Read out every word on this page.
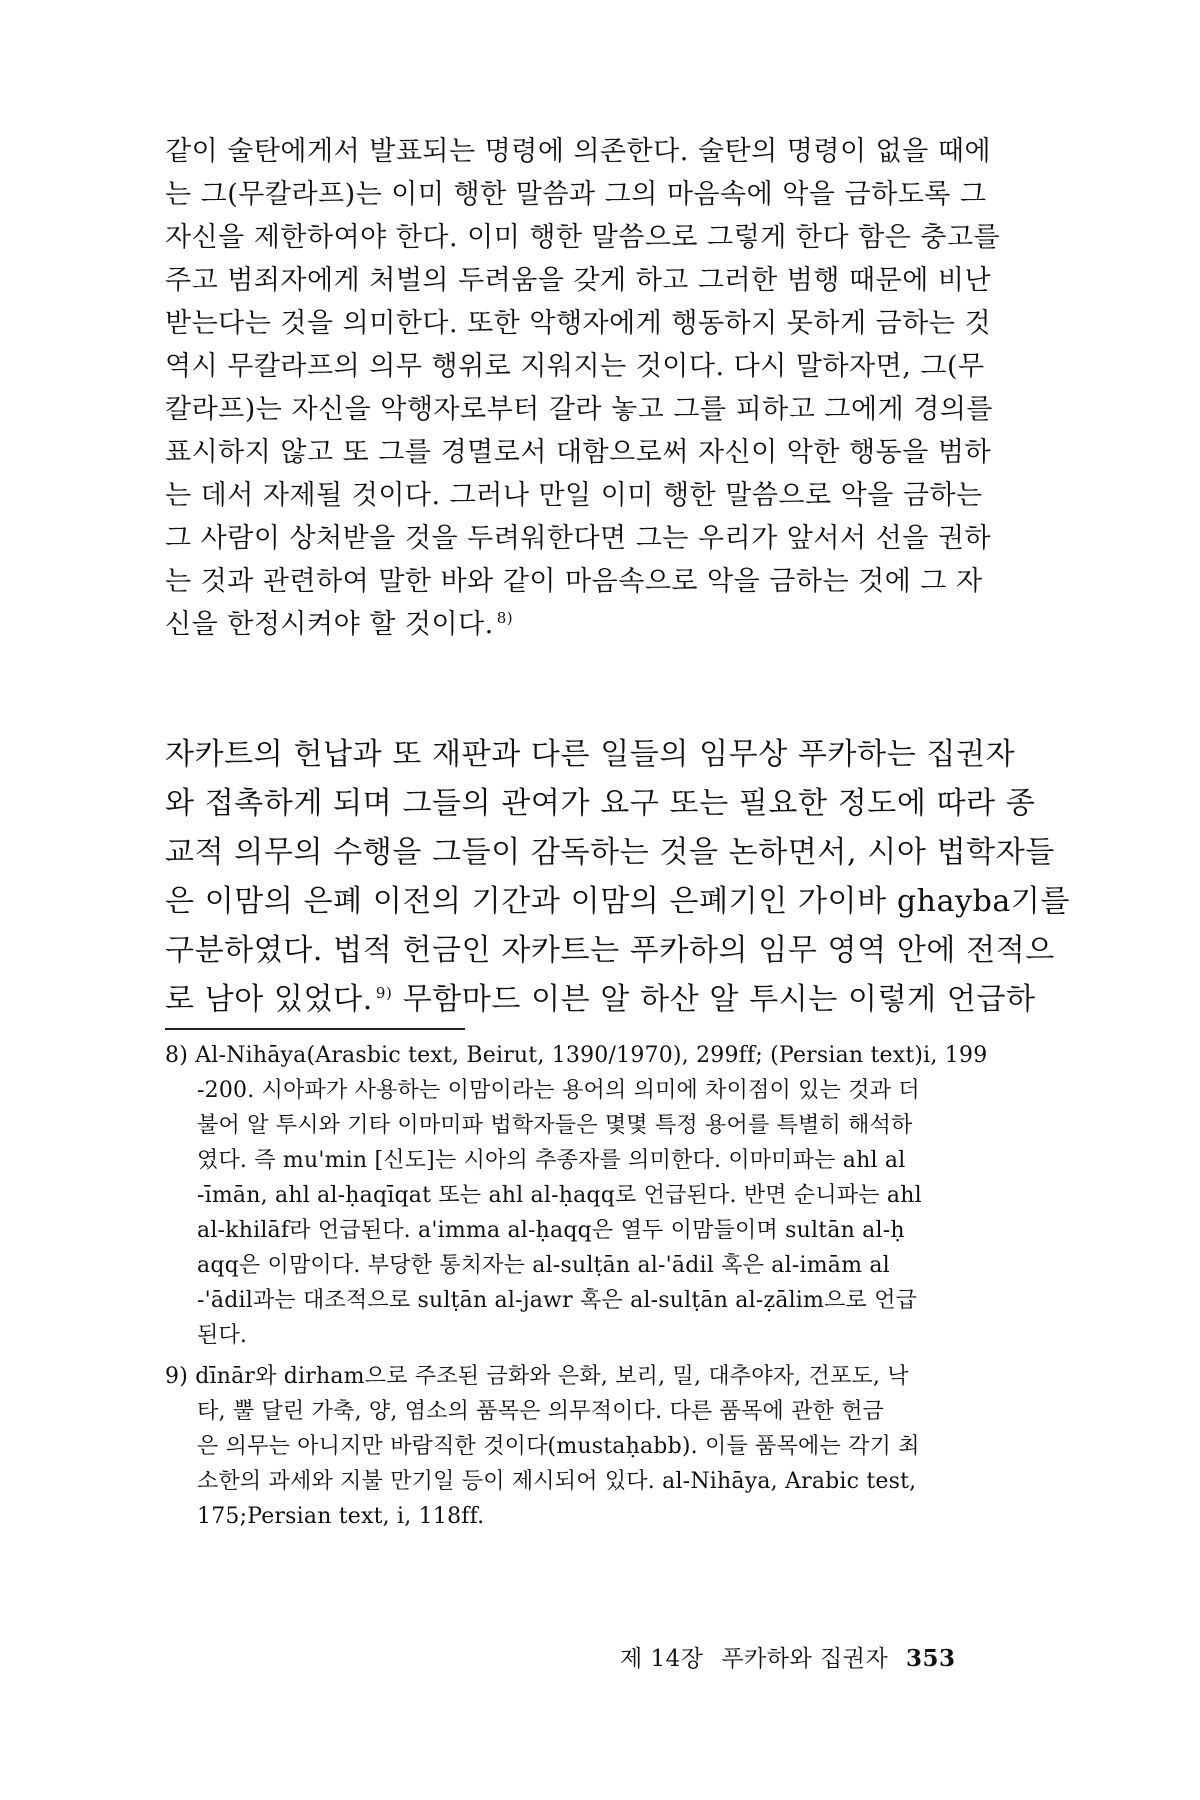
같이 술탄에게서 발표되는 명령에 의존한다. 술탄의 명령이 없을 때에
는 그(무칼라프)는 이미 행한 말씀과 그의 마음속에 악을 금하도록 그
자신을 제한하여야 한다. 이미 행한 말씀으로 그렇게 한다 함은 충고를
주고 범죄자에게 처벌의 두려움을 갖게 하고 그러한 범행 때문에 비난
받는다는 것을 의미한다. 또한 악행자에게 행동하지 못하게 금하는 것
역시 무칼라프의 의무 행위로 지워지는 것이다. 다시 말하자면, 그(무
칼라프)는 자신을 악행자로부터 갈라 놓고 그를 피하고 그에게 경의를
표시하지 않고 또 그를 경멸로서 대함으로써 자신이 악한 행동을 범하
는 데서 자제될 것이다. 그러나 만일 이미 행한 말씀으로 악을 금하는
그 사람이 상처받을 것을 두려워한다면 그는 우리가 앞서서 선을 권하
는 것과 관련하여 말한 바와 같이 마음속으로 악을 금하는 것에 그 자
신을 한정시켜야 할 것이다. $^{8)}$
자카트의 헌납과 또 재판과 다른 일들의 임무상 푸카하는 집권자
와 접촉하게 되며 그들의 관여가 요구 또는 필요한 정도에 따라 종
교적 의무의 수행을 그들이 감독하는 것을 논하면서, 시아 법학자들
은 이맘의 은폐 이전의 기간과 이맘의 은폐기인 가이바 ghayba기를
구분하였다. 법적 헌금인 자카트는 푸카하의 임무 영역 안에 전적으
로 남아 있었다. $^{9)}$ 무함마드 이븐 알 하산 알 투시는 이렇게 언급하
8) Al-Nihāya(Arasbic text, Beirut, 1390/1970), 299ff; (Persian text)i, 199
-200. 시아파가 사용하는 이맘이라는 용어의 의미에 차이점이 있는 것과 더
불어 알 투시와 기타 이마미파 법학자들은 몇몇 특정 용어를 특별히 해석하
였다. 즉 mu'min [신도]는 시아의 추종자를 의미한다. 이마미파는 ahl al
-īmān, ahl al-ḥaqīqat 또는 ahl al-ḥaqq로 언급된다. 반면 순니파는 ahl
al-khilāf라 언급된다. a'imma al-ḥaqq은 열두 이맘들이며 sultān al-ḥ
aqq은 이맘이다. 부당한 통치자는 al-sulṭān al-'ādil 혹은 al-imām al
-'ādil과는 대조적으로 sulṭān al-jawr 혹은 al-sulṭān al-ẓālim으로 언급
된다.
9) dīnār와 dirham으로 주조된 금화와 은화, 보리, 밀, 대추야자, 건포도, 낙
타, 뿔 달린 가축, 양, 염소의 품목은 의무적이다. 다른 품목에 관한 헌금
은 의무는 아니지만 바람직한 것이다(mustaḥabb). 이들 품목에는 각기 최
소한의 과세와 지불 만기일 등이 제시되어 있다. al-Nihāya, Arabic test,
175;Persian text, i, 118ff.
제 14장 푸카하와 집권자 353
